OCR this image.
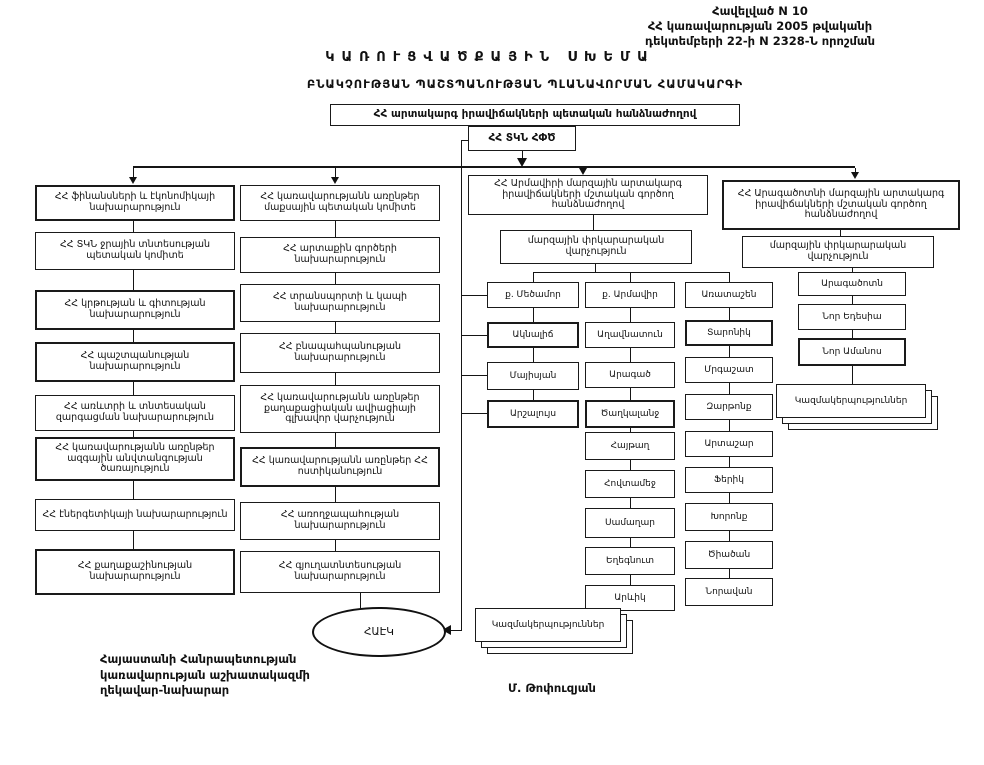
Հավելված N 10
ՀՀ կառավարության 2005 թվականի
դեկտեմբերի 22-ի N 2328-Ն որոշման
ԿԱՌՈՒՑՎԱԾՔԱՅԻՆ ՍԽԵՄԱ
ԲՆԱԿՉՈՒԹՅԱՆ ՊԱՇՏՊԱՆՈՒԹՅԱՆ ՊԼԱՆԱՎՈՐՄԱՆ ՀԱՄԱԿԱՐԳԻ
ՀՀ արտակարգ իրավիճակների պետական հանձնաժողով
ՀՀ ՏԿՆ ՀՓԾ
ՀՀ ֆինանսների և էկոնոմիկայի նախարարություն
ՀՀ ՏԿՆ ջրային տնտեսության պետական կոմիտե
ՀՀ կրթության և գիտության նախարարություն
ՀՀ պաշտպանության նախարարություն
ՀՀ առևտրի և տնտեսական զարգացման նախարարություն
ՀՀ կառավարությանն առընթեր ազգային անվտանգության ծառայություն
ՀՀ էներգետիկայի նախարարություն
ՀՀ քաղաքաշինության նախարարություն
ՀՀ կառավարությանն առընթեր մաքսային պետական կոմիտե
ՀՀ արտաքին գործերի նախարարություն
ՀՀ տրանսպորտի և կապի նախարարություն
ՀՀ բնապահպանության նախարարություն
ՀՀ կառավարությանն առընթեր քաղաքացիական ավիացիայի գլխավոր վարչություն
ՀՀ կառավարությանն առընթեր ՀՀ ոստիկանություն
ՀՀ առողջապահության նախարարություն
ՀՀ գյուղատնտեսության նախարարություն
ՀԱԷԿ
ՀՀ Արմավիրի մարզային արտակարգ իրավիճակների մշտական գործող հանձնաժողով
մարզային փրկարարական վարչություն
ք. Մեծամոր
Ակնալիճ
Մայիսյան
Արշալույս
ք. Արմավիր
Աղավնատուն
Արագած
Ծաղկալանջ
Հայթաղ
Հովտամեջ
Սամաղար
Եղեգնուտ
Արևիկ
Առատաշեն
Տարոնիկ
Մրգաշատ
Զարթոնք
Արտաշար
Ֆերիկ
Խորոնք
Ծիածան
Նորավան
Կազմակերպություններ
ՀՀ Արագածոտնի մարզային արտակարգ իրավիճակների մշտական գործող հանձնաժողով
մարզային փրկարարական վարչություն
Արագածոտն
Նոր Եդեսիա
Նոր Ամանոս
Կազմակերպություններ
Հայաստանի Հանրապետության
կառավարության աշխատակազմի
ղեկավար-նախարար	Մ. Թոփուզյան
